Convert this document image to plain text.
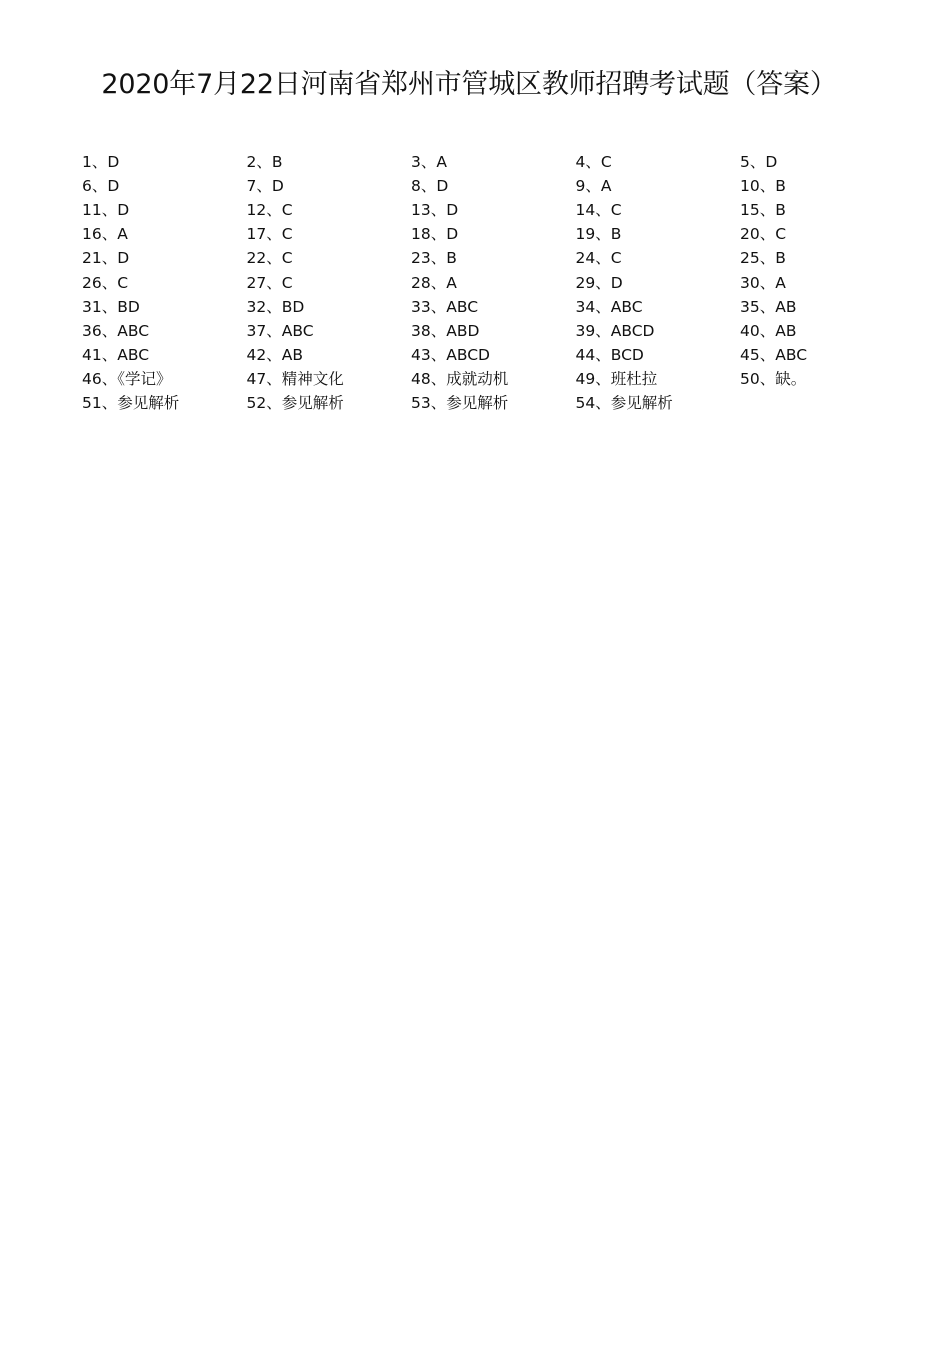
2020年7月22日河南省郑州市管城区教师招聘考试题（答案）
1、D	2、B	3、A	4、C	5、D
6、D	7、D	8、D	9、A	10、B
11、D	12、C	13、D	14、C	15、B
16、A	17、C	18、D	19、B	20、C
21、D	22、C	23、B	24、C	25、B
26、C	27、C	28、A	29、D	30、A
31、BD	32、BD	33、ABC	34、ABC	35、AB
36、ABC	37、ABC	38、ABD	39、ABCD	40、AB
41、ABC	42、AB	43、ABCD	44、BCD	45、ABC
46、《学记》	47、精神文化	48、成就动机	49、班杜拉	50、缺。
51、参见解析	52、参见解析	53、参见解析	54、参见解析
